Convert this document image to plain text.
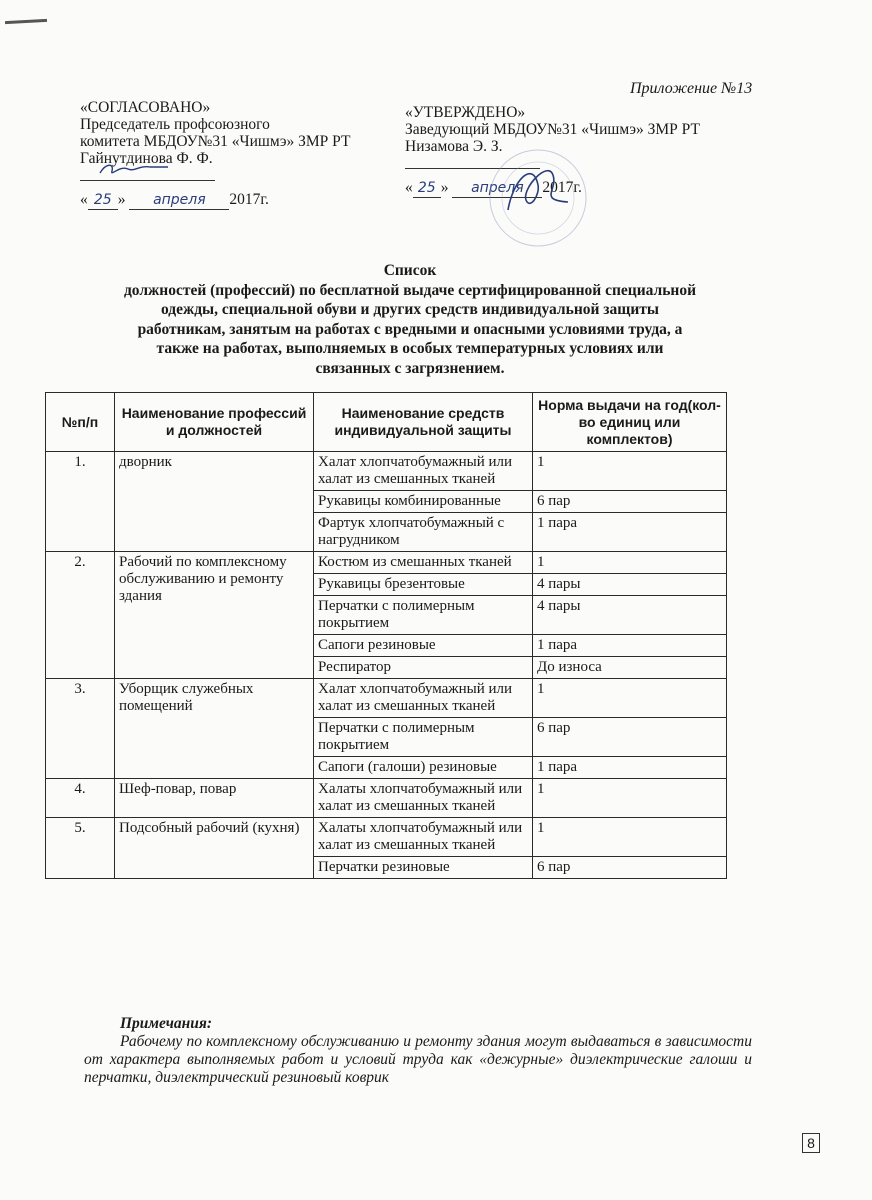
Приложение №13
«СОГЛАСОВАНО»
Председатель профсоюзного
комитета МБДОУ№31 «Чишмэ» ЗМР РТ
Гайнутдинова Ф. Ф.
« 25 » апреля 2017г.
«УТВЕРЖДЕНО»
Заведующий МБДОУ№31 «Чишмэ» ЗМР РТ
Низамова Э. З.
« 25 » апреля 2017г.
Список
должностей (профессий) по бесплатной выдаче сертифицированной специальной
одежды, специальной обуви и других средств индивидуальной защиты
работникам, занятым на работах с вредными и опасными условиями труда, а
также на работах, выполняемых в особых температурных условиях или
связанных с загрязнением.
№п/п	Наименование профессий и должностей	Наименование средств индивидуальной защиты	Норма выдачи на год(кол-во единиц или комплектов)
1.	дворник	Халат хлопчатобумажный или халат из смешанных тканей	1
		Рукавицы комбинированные	6 пар
		Фартук хлопчатобумажный с нагрудником	1 пара
2.	Рабочий по комплексному обслуживанию и ремонту здания	Костюм из смешанных тканей	1
		Рукавицы брезентовые	4 пары
		Перчатки с полимерным покрытием	4 пары
		Сапоги резиновые	1 пара
		Респиратор	До износа
3.	Уборщик служебных помещений	Халат хлопчатобумажный или халат из смешанных тканей	1
		Перчатки с полимерным покрытием	6 пар
		Сапоги (галоши) резиновые	1 пара
4.	Шеф-повар, повар	Халаты хлопчатобумажный или халат из смешанных тканей	1
5.	Подсобный рабочий (кухня)	Халаты хлопчатобумажный или халат из смешанных тканей	1
		Перчатки резиновые	6 пар
Примечания:
Рабочему по комплексному обслуживанию и ремонту здания могут выдаваться в зависимости от характера выполняемых работ и условий труда как «дежурные» диэлектрические галоши и перчатки, диэлектрический резиновый коврик
8
